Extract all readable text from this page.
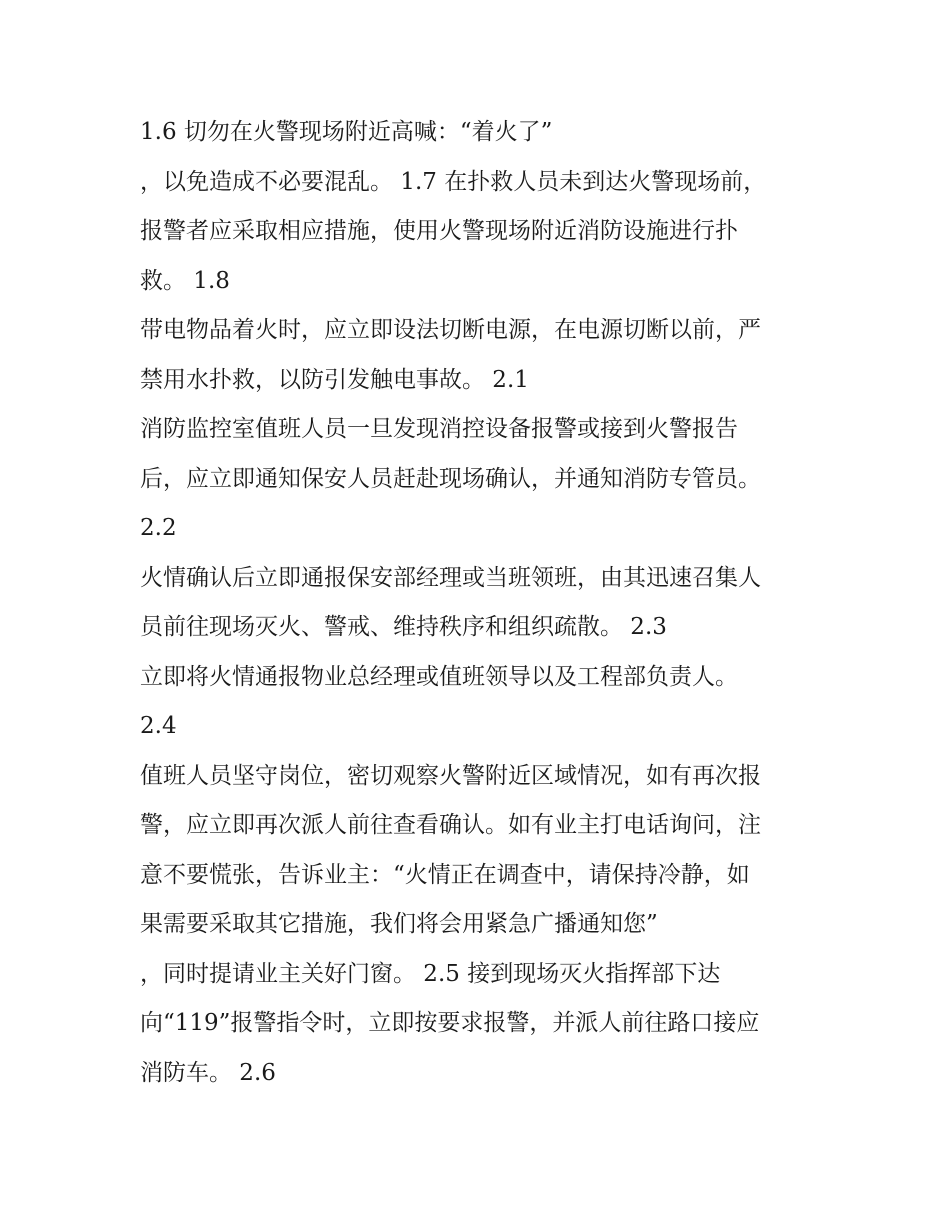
1.6 切勿在火警现场附近高喊：“着火了”
，以免造成不必要混乱。 1.7 在扑救人员未到达火警现场前，
报警者应采取相应措施，使用火警现场附近消防设施进行扑
救。 1.8
带电物品着火时，应立即设法切断电源，在电源切断以前，严
禁用水扑救，以防引发触电事故。 2.1
消防监控室值班人员一旦发现消控设备报警或接到火警报告
后，应立即通知保安人员赶赴现场确认，并通知消防专管员。
2.2
火情确认后立即通报保安部经理或当班领班，由其迅速召集人
员前往现场灭火、警戒、维持秩序和组织疏散。 2.3
立即将火情通报物业总经理或值班领导以及工程部负责人。
2.4
值班人员坚守岗位，密切观察火警附近区域情况，如有再次报
警，应立即再次派人前往查看确认。如有业主打电话询问，注
意不要慌张，告诉业主：“火情正在调查中，请保持冷静，如
果需要采取其它措施，我们将会用紧急广播通知您”
，同时提请业主关好门窗。 2.5 接到现场灭火指挥部下达
向“119”报警指令时，立即按要求报警，并派人前往路口接应
消防车。 2.6
